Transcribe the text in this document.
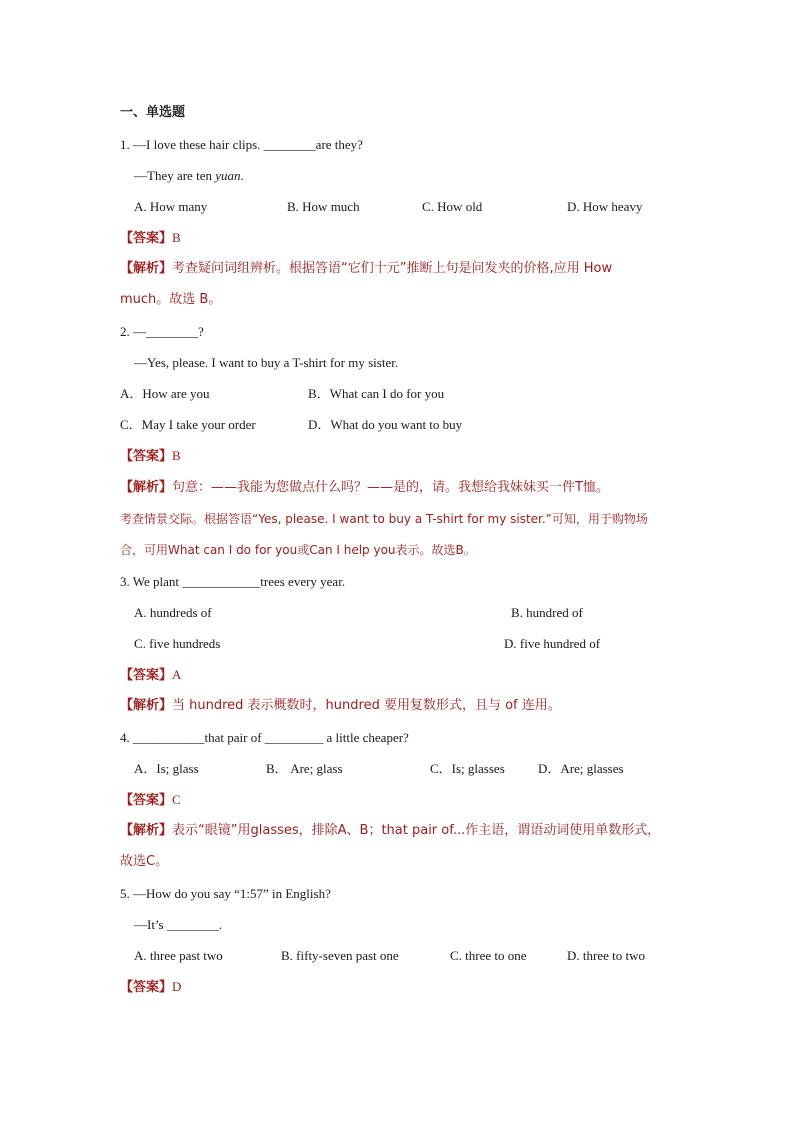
一、单选题
1. —I love these hair clips. ________are they?
—They are ten yuan.
A. How many	B. How much	C. How old	D. How heavy
【答案】B
【解析】考查疑问词组辨析。根据答语“它们十元”推断上句是问发夹的价格,应用 How
much。故选 B。
2. —________?
—Yes, please. I want to buy a T-shirt for my sister.
A．How are you	B．What can I do for you
C．May I take your order	D．What do you want to buy
【答案】B
【解析】句意：——我能为您做点什么吗？——是的，请。我想给我妹妹买一件T恤。
考查情景交际。根据答语“Yes, please. I want to buy a T-shirt for my sister.”可知，用于购物场
合，可用What can I do for you或Can I help you表示。故选B。
3. We plant ____________trees every year.
A. hundreds of	B. hundred of
C. five hundreds	D. five hundred of
【答案】A
【解析】当 hundred 表示概数时，hundred 要用复数形式，且与 of 连用。
4. ___________that pair of _________ a little cheaper?
A．Is; glass	B． Are; glass	C．Is; glasses	D．Are; glasses
【答案】C
【解析】表示“眼镜”用glasses，排除A、B；that pair of...作主语，谓语动词使用单数形式，
故选C。
5. —How do you say “1:57” in English?
—It’s ________.
A. three past two	B. fifty-seven past one	C. three to one	D. three to two
【答案】D
